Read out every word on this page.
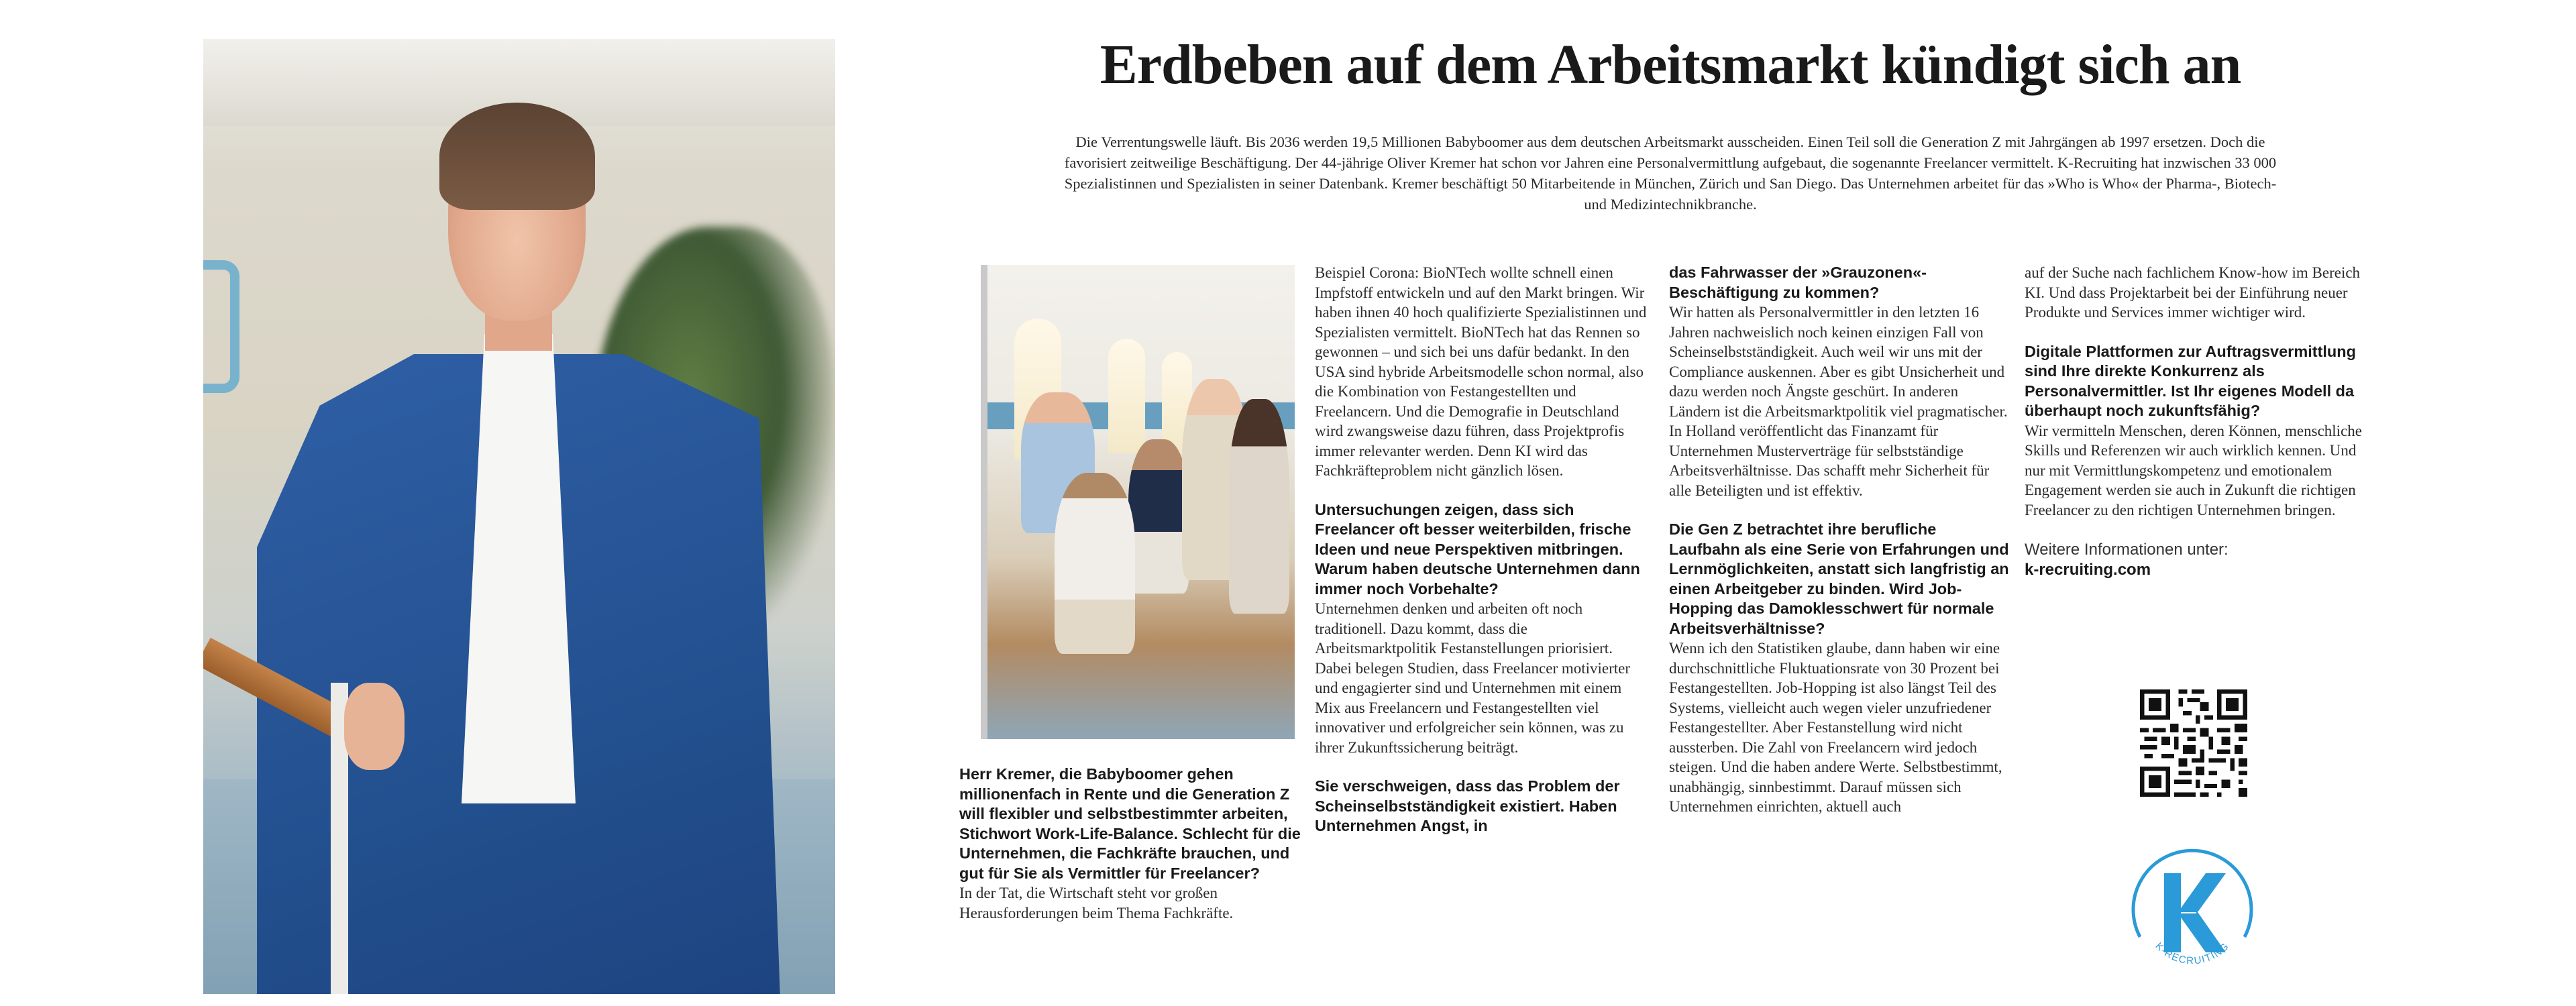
Erdbeben auf dem Arbeitsmarkt kündigt sich an

Die Verrentungswelle läuft. Bis 2036 werden 19,5 Millionen Babyboomer aus dem deutschen Arbeitsmarkt ausscheiden. Einen Teil soll die Generation Z mit Jahrgängen ab 1997 ersetzen. Doch die favorisiert zeitweilige Beschäftigung. Der 44-jährige Oliver Kremer hat schon vor Jahren eine Personalvermittlung aufgebaut, die sogenannte Freelancer vermittelt. K-Recruiting hat inzwischen 33 000 Spezialistinnen und Spezialisten in seiner Datenbank. Kremer beschäftigt 50 Mitarbeitende in München, Zürich und San Diego. Das Unternehmen arbeitet für das »Who is Who« der Pharma-, Biotech- und Medizintechnikbranche.

Herr Kremer, die Babyboomer gehen millionenfach in Rente und die Generation Z will flexibler und selbstbestimmter arbeiten, Stichwort Work-Life-Balance. Schlecht für die Unternehmen, die Fachkräfte brauchen, und gut für Sie als Vermittler für Freelancer?

In der Tat, die Wirtschaft steht vor großen Herausforderungen beim Thema Fachkräfte.

Beispiel Corona: BioNTech wollte schnell einen Impfstoff entwickeln und auf den Markt bringen. Wir haben ihnen 40 hoch qualifizierte Spezialistinnen und Spezialisten vermittelt. BioNTech hat das Rennen so gewonnen – und sich bei uns dafür bedankt. In den USA sind hybride Arbeitsmodelle schon normal, also die Kombination von Festangestellten und Freelancern. Und die Demografie in Deutschland wird zwangsweise dazu führen, dass Projektprofis immer relevanter werden. Denn KI wird das Fachkräfteproblem nicht gänzlich lösen.

Untersuchungen zeigen, dass sich Freelancer oft besser weiterbilden, frische Ideen und neue Perspektiven mitbringen. Warum haben deutsche Unternehmen dann immer noch Vorbehalte?

Unternehmen denken und arbeiten oft noch traditionell. Dazu kommt, dass die Arbeitsmarktpolitik Festanstellungen priorisiert. Dabei belegen Studien, dass Freelancer motivierter und engagierter sind und Unternehmen mit einem Mix aus Freelancern und Festangestellten viel innovativer und erfolgreicher sein können, was zu ihrer Zukunftssicherung beiträgt.

Sie verschweigen, dass das Problem der Scheinselbstständigkeit existiert. Haben Unternehmen Angst, in

das Fahrwasser der »Grauzonen«-Beschäftigung zu kommen?

Wir hatten als Personalvermittler in den letzten 16 Jahren nachweislich noch keinen einzigen Fall von Scheinselbstständigkeit. Auch weil wir uns mit der Compliance auskennen. Aber es gibt Unsicherheit und dazu werden noch Ängste geschürt. In anderen Ländern ist die Arbeitsmarktpolitik viel pragmatischer. In Holland veröffentlicht das Finanzamt für Unternehmen Musterverträge für selbstständige Arbeitsverhältnisse. Das schafft mehr Sicherheit für alle Beteiligten und ist effektiv.

Die Gen Z betrachtet ihre berufliche Laufbahn als eine Serie von Erfahrungen und Lernmöglichkeiten, anstatt sich langfristig an einen Arbeitgeber zu binden. Wird Job-Hopping das Damoklesschwert für normale Arbeitsverhältnisse?

Wenn ich den Statistiken glaube, dann haben wir eine durchschnittliche Fluktuationsrate von 30 Prozent bei Festangestellten. Job-Hopping ist also längst Teil des Systems, vielleicht auch wegen vieler unzufriedener Festangestellter. Aber Festanstellung wird nicht aussterben. Die Zahl von Freelancern wird jedoch steigen. Und die haben andere Werte. Selbstbestimmt, unabhängig, sinnbestimmt. Darauf müssen sich Unternehmen einrichten, aktuell auch

auf der Suche nach fachlichem Know-how im Bereich KI. Und dass Projektarbeit bei der Einführung neuer Produkte und Services immer wichtiger wird.

Digitale Plattformen zur Auftragsvermittlung sind Ihre direkte Konkurrenz als Personalvermittler. Ist Ihr eigenes Modell da überhaupt noch zukunftsfähig?

Wir vermitteln Menschen, deren Können, menschliche Skills und Referenzen wir auch wirklich kennen. Und nur mit Vermittlungskompetenz und emotionalem Engagement werden sie auch in Zukunft die richtigen Freelancer zu den richtigen Unternehmen bringen.

Weitere Informationen unter:
k-recruiting.com
K-RECRUITING
